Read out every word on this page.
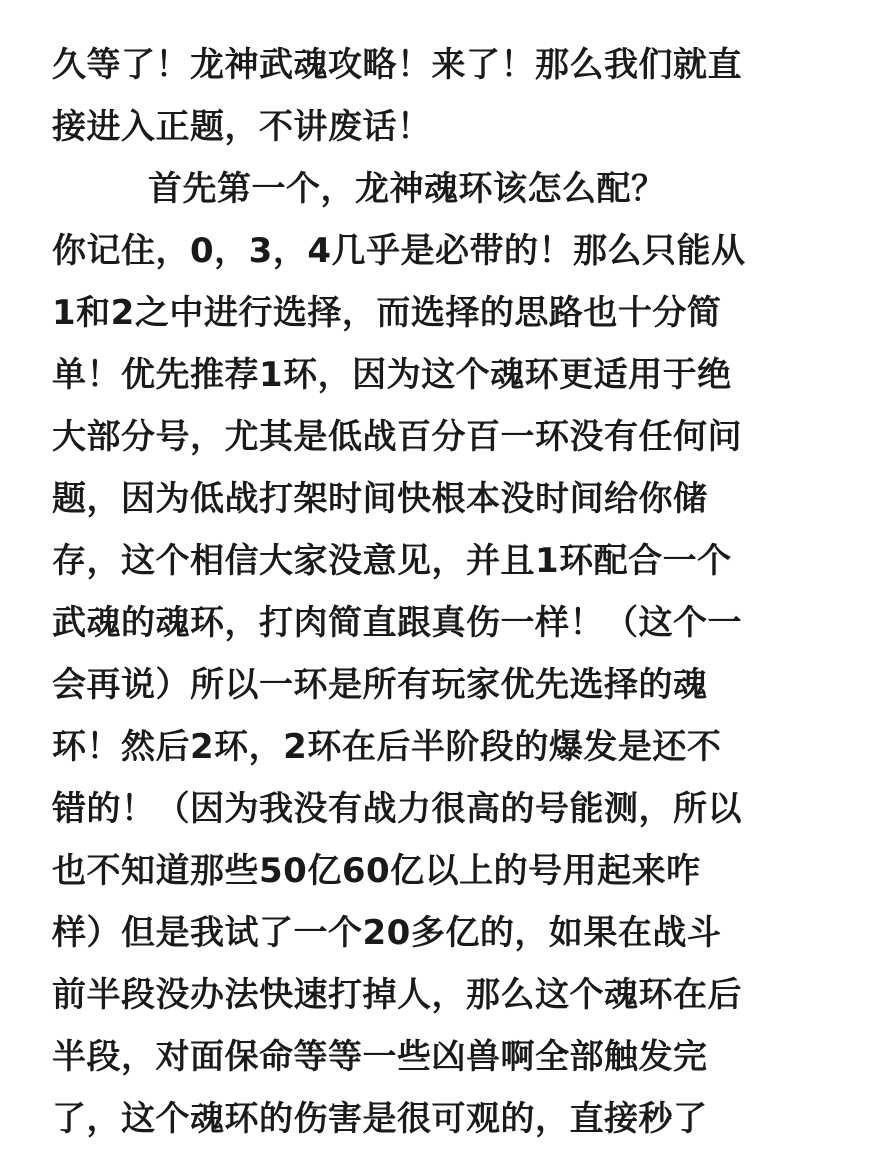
久等了！龙神武魂攻略！来了！那么我们就直
接进入正题，不讲废话！
首先第一个，龙神魂环该怎么配？
你记住，0，3，4几乎是必带的！那么只能从
1和2之中进行选择，而选择的思路也十分简
单！优先推荐1环，因为这个魂环更适用于绝
大部分号，尤其是低战百分百一环没有任何问
题，因为低战打架时间快根本没时间给你储
存，这个相信大家没意见，并且1环配合一个
武魂的魂环，打肉简直跟真伤一样！（这个一
会再说）所以一环是所有玩家优先选择的魂
环！然后2环，2环在后半阶段的爆发是还不
错的！（因为我没有战力很高的号能测，所以
也不知道那些50亿60亿以上的号用起来咋
样）但是我试了一个20多亿的，如果在战斗
前半段没办法快速打掉人，那么这个魂环在后
半段，对面保命等等一些凶兽啊全部触发完
了，这个魂环的伤害是很可观的，直接秒了
